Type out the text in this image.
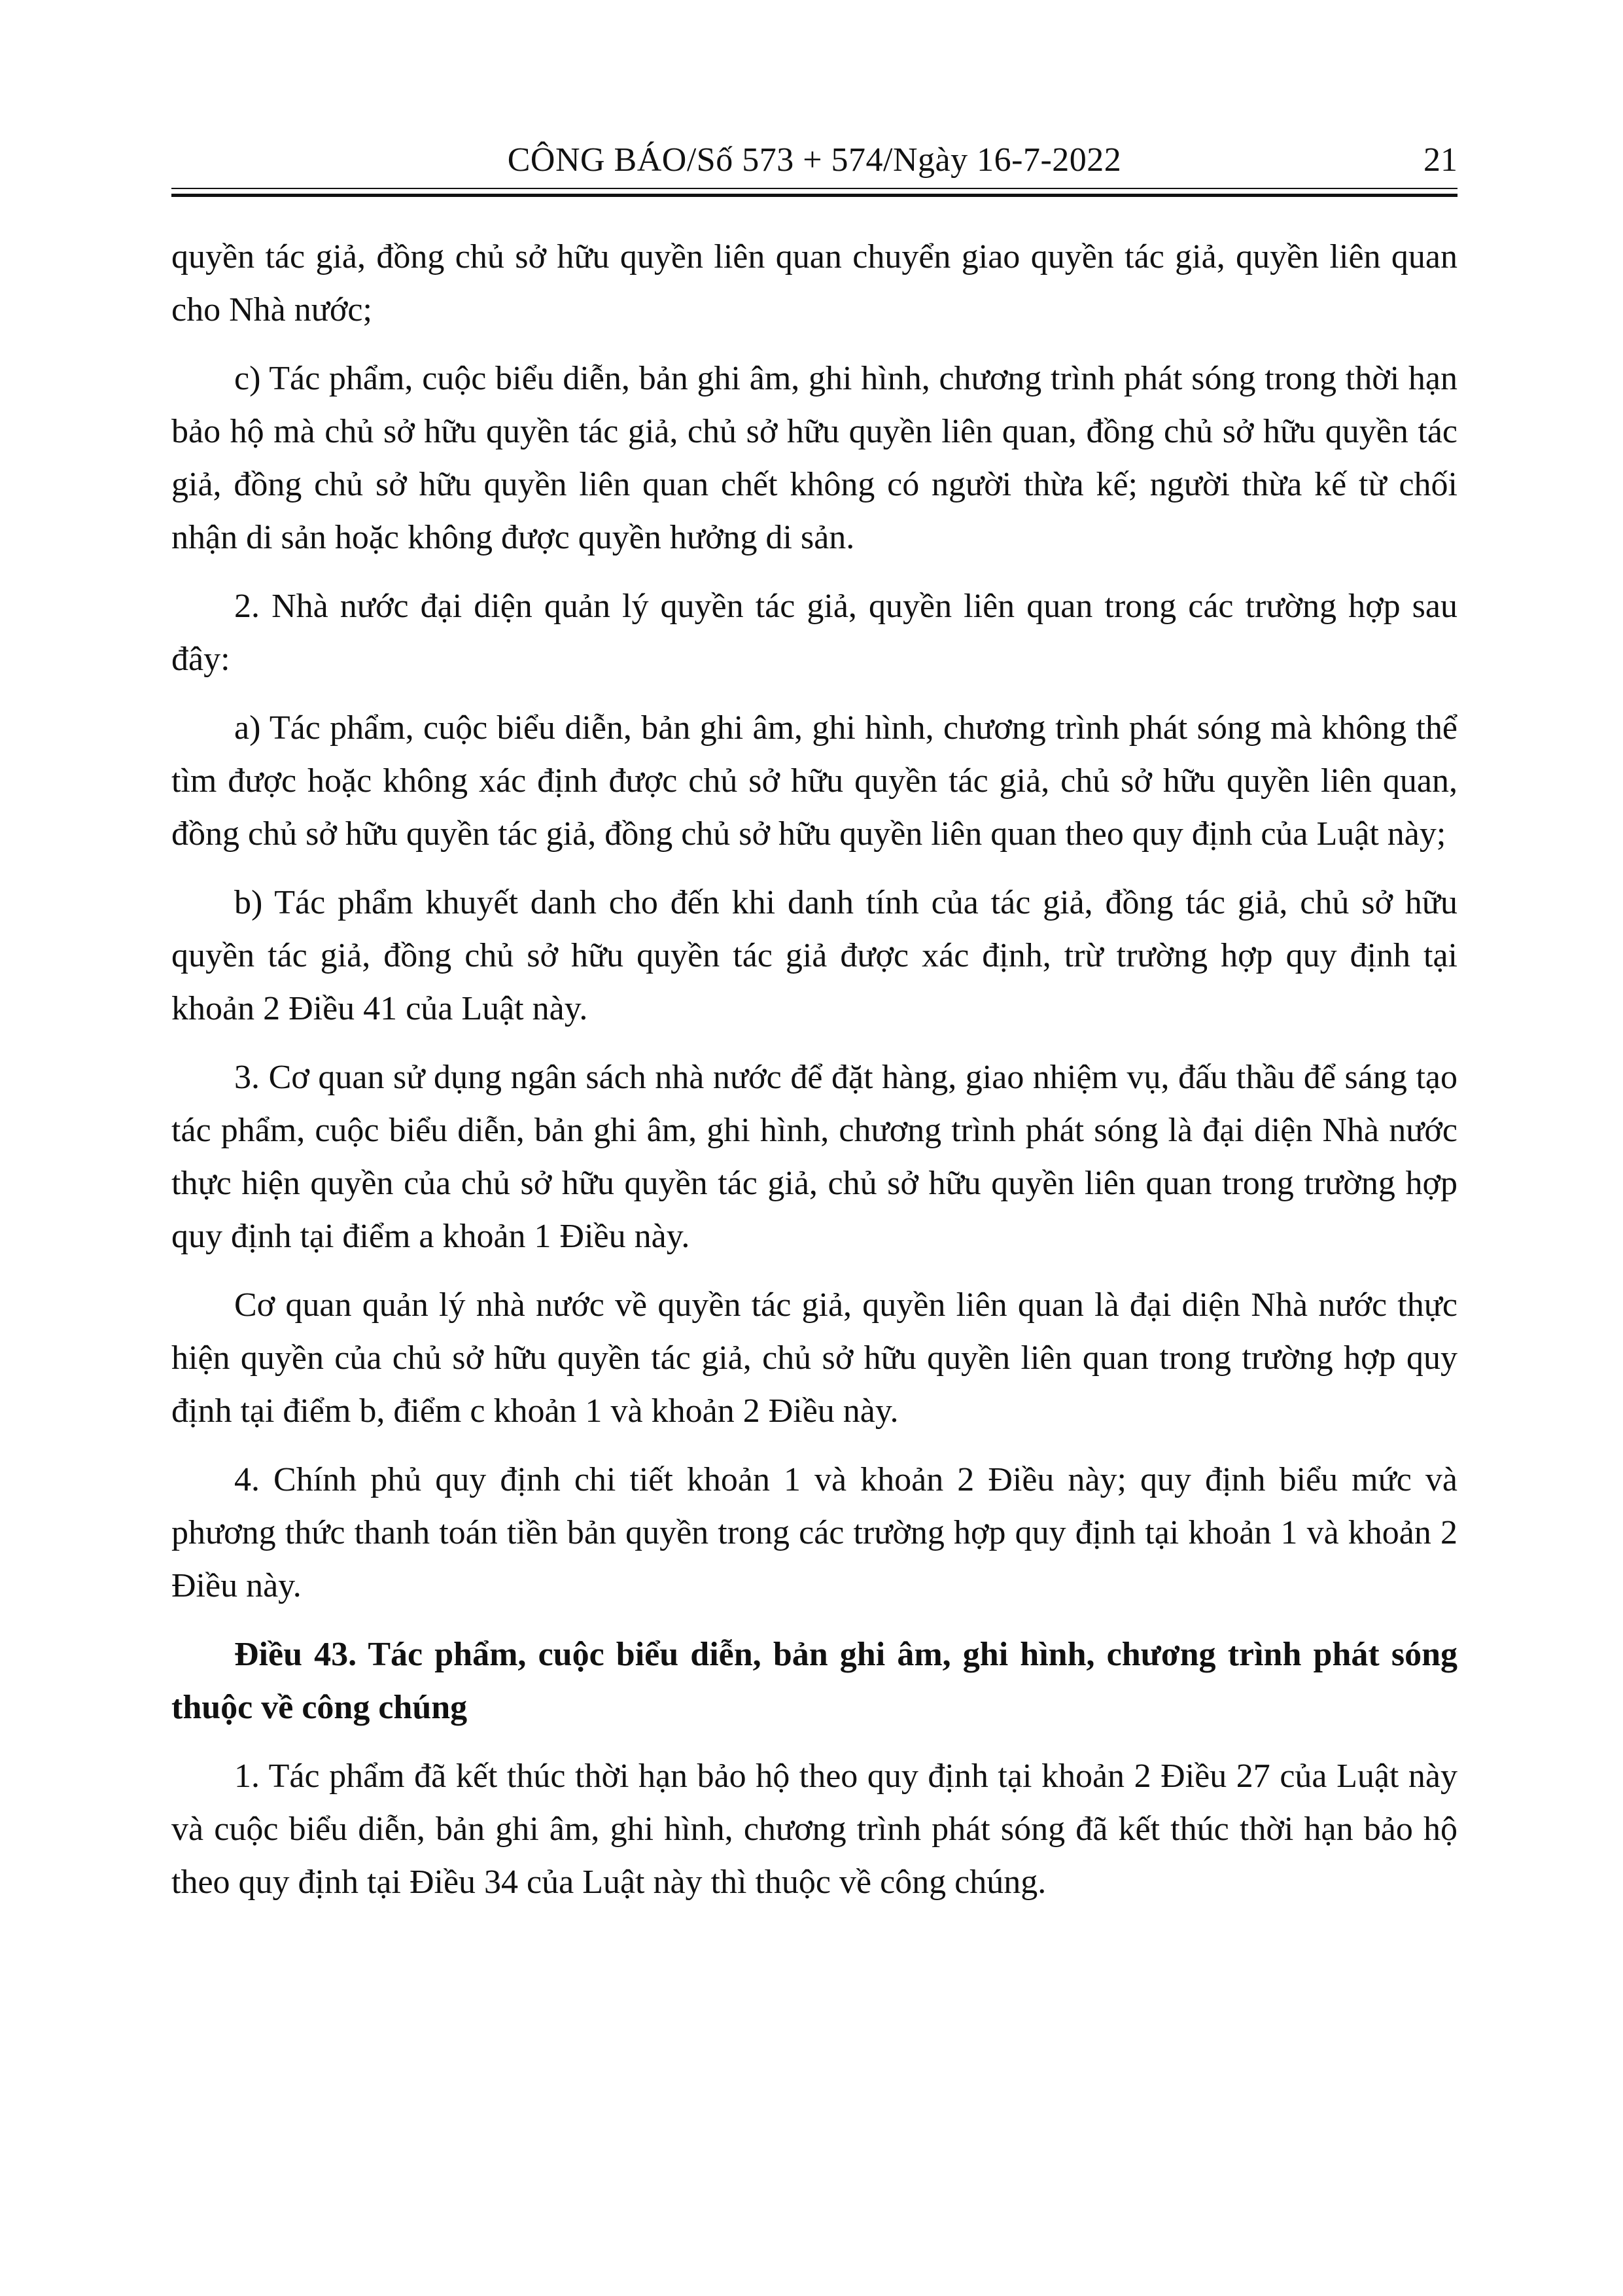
CÔNG BÁO/Số 573 + 574/Ngày 16-7-2022	21

quyền tác giả, đồng chủ sở hữu quyền liên quan chuyển giao quyền tác giả, quyền liên quan cho Nhà nước;

c) Tác phẩm, cuộc biểu diễn, bản ghi âm, ghi hình, chương trình phát sóng trong thời hạn bảo hộ mà chủ sở hữu quyền tác giả, chủ sở hữu quyền liên quan, đồng chủ sở hữu quyền tác giả, đồng chủ sở hữu quyền liên quan chết không có người thừa kế; người thừa kế từ chối nhận di sản hoặc không được quyền hưởng di sản.

2. Nhà nước đại diện quản lý quyền tác giả, quyền liên quan trong các trường hợp sau đây:

a) Tác phẩm, cuộc biểu diễn, bản ghi âm, ghi hình, chương trình phát sóng mà không thể tìm được hoặc không xác định được chủ sở hữu quyền tác giả, chủ sở hữu quyền liên quan, đồng chủ sở hữu quyền tác giả, đồng chủ sở hữu quyền liên quan theo quy định của Luật này;

b) Tác phẩm khuyết danh cho đến khi danh tính của tác giả, đồng tác giả, chủ sở hữu quyền tác giả, đồng chủ sở hữu quyền tác giả được xác định, trừ trường hợp quy định tại khoản 2 Điều 41 của Luật này.

3. Cơ quan sử dụng ngân sách nhà nước để đặt hàng, giao nhiệm vụ, đấu thầu để sáng tạo tác phẩm, cuộc biểu diễn, bản ghi âm, ghi hình, chương trình phát sóng là đại diện Nhà nước thực hiện quyền của chủ sở hữu quyền tác giả, chủ sở hữu quyền liên quan trong trường hợp quy định tại điểm a khoản 1 Điều này.

Cơ quan quản lý nhà nước về quyền tác giả, quyền liên quan là đại diện Nhà nước thực hiện quyền của chủ sở hữu quyền tác giả, chủ sở hữu quyền liên quan trong trường hợp quy định tại điểm b, điểm c khoản 1 và khoản 2 Điều này.

4. Chính phủ quy định chi tiết khoản 1 và khoản 2 Điều này; quy định biểu mức và phương thức thanh toán tiền bản quyền trong các trường hợp quy định tại khoản 1 và khoản 2 Điều này.

Điều 43. Tác phẩm, cuộc biểu diễn, bản ghi âm, ghi hình, chương trình phát sóng thuộc về công chúng

1. Tác phẩm đã kết thúc thời hạn bảo hộ theo quy định tại khoản 2 Điều 27 của Luật này và cuộc biểu diễn, bản ghi âm, ghi hình, chương trình phát sóng đã kết thúc thời hạn bảo hộ theo quy định tại Điều 34 của Luật này thì thuộc về công chúng.
